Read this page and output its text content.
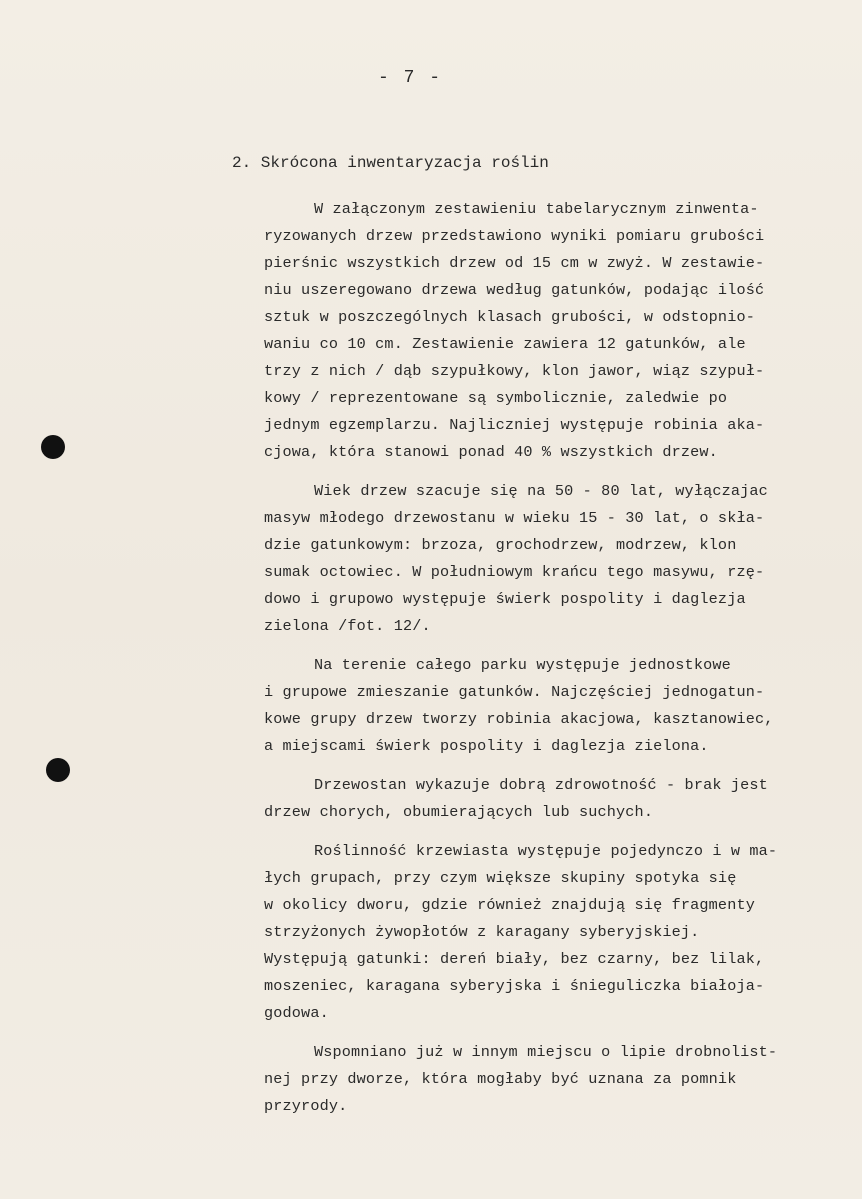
- 7 -
2. Skrócona inwentaryzacja roślin

W załączonym zestawieniu tabelarycznym zinwenta-
ryzowanych drzew przedstawiono wyniki pomiaru grubości
pierśnic wszystkich drzew od 15 cm w zwyż. W zestawie-
niu uszeregowano drzewa według gatunków, podając ilość
sztuk w poszczególnych klasach grubości, w odstopnio-
waniu co 10 cm. Zestawienie zawiera 12 gatunków, ale
trzy z nich / dąb szypułkowy, klon jawor, wiąz szypuł-
kowy / reprezentowane są symbolicznie, zaledwie po
jednym egzemplarzu. Najliczniej występuje robinia aka-
cjowa, która stanowi ponad 40 % wszystkich drzew.

Wiek drzew szacuje się na 50 - 80 lat, wyłączajac
masyw młodego drzewostanu w wieku 15 - 30 lat, o skła-
dzie gatunkowym: brzoza, grochodrzew, modrzew, klon
sumak octowiec. W południowym krańcu tego masywu, rzę-
dowo i grupowo występuje świerk pospolity i daglezja
zielona /fot. 12/.

Na terenie całego parku występuje jednostkowe
i grupowe zmieszanie gatunków. Najczęściej jednogatun-
kowe grupy drzew tworzy robinia akacjowa, kasztanowiec,
a miejscami świerk pospolity i daglezja zielona.

Drzewostan wykazuje dobrą zdrowotność - brak jest
drzew chorych, obumierających lub suchych.

Roślinność krzewiasta występuje pojedynczo i w ma-
łych grupach, przy czym większe skupiny spotyka się
w okolicy dworu, gdzie również znajdują się fragmenty
strzyżonych żywopłotów z karagany syberyjskiej.
Występują gatunki: dereń biały, bez czarny, bez lilak,
moszeniec, karagana syberyjska i śnieguliczka białoja-
godowa.

Wspomniano już w innym miejscu o lipie drobnolist-
nej przy dworze, która mogłaby być uznana za pomnik
przyrody.
